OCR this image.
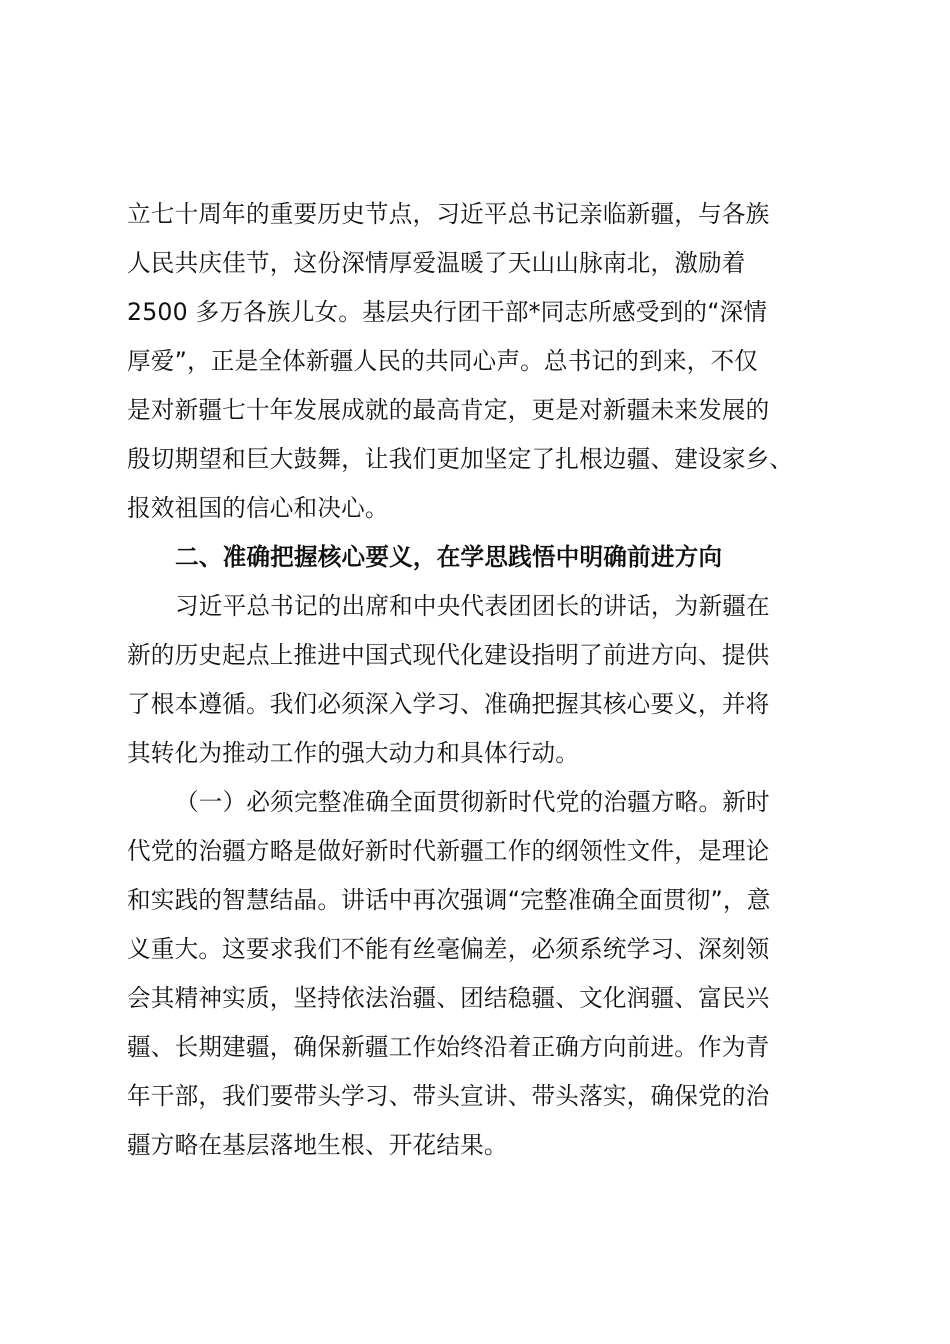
立七十周年的重要历史节点，习近平总书记亲临新疆，与各族
人民共庆佳节，这份深情厚爱温暖了天山山脉南北，激励着
2500 多万各族儿女。基层央行团干部*同志所感受到的“深情
厚爱”，正是全体新疆人民的共同心声。总书记的到来，不仅
是对新疆七十年发展成就的最高肯定，更是对新疆未来发展的
殷切期望和巨大鼓舞，让我们更加坚定了扎根边疆、建设家乡、
报效祖国的信心和决心。
二、准确把握核心要义，在学思践悟中明确前进方向
习近平总书记的出席和中央代表团团长的讲话，为新疆在
新的历史起点上推进中国式现代化建设指明了前进方向、提供
了根本遵循。我们必须深入学习、准确把握其核心要义，并将
其转化为推动工作的强大动力和具体行动。
（一）必须完整准确全面贯彻新时代党的治疆方略。新时
代党的治疆方略是做好新时代新疆工作的纲领性文件，是理论
和实践的智慧结晶。讲话中再次强调“完整准确全面贯彻”，意
义重大。这要求我们不能有丝毫偏差，必须系统学习、深刻领
会其精神实质，坚持依法治疆、团结稳疆、文化润疆、富民兴
疆、长期建疆，确保新疆工作始终沿着正确方向前进。作为青
年干部，我们要带头学习、带头宣讲、带头落实，确保党的治
疆方略在基层落地生根、开花结果。
